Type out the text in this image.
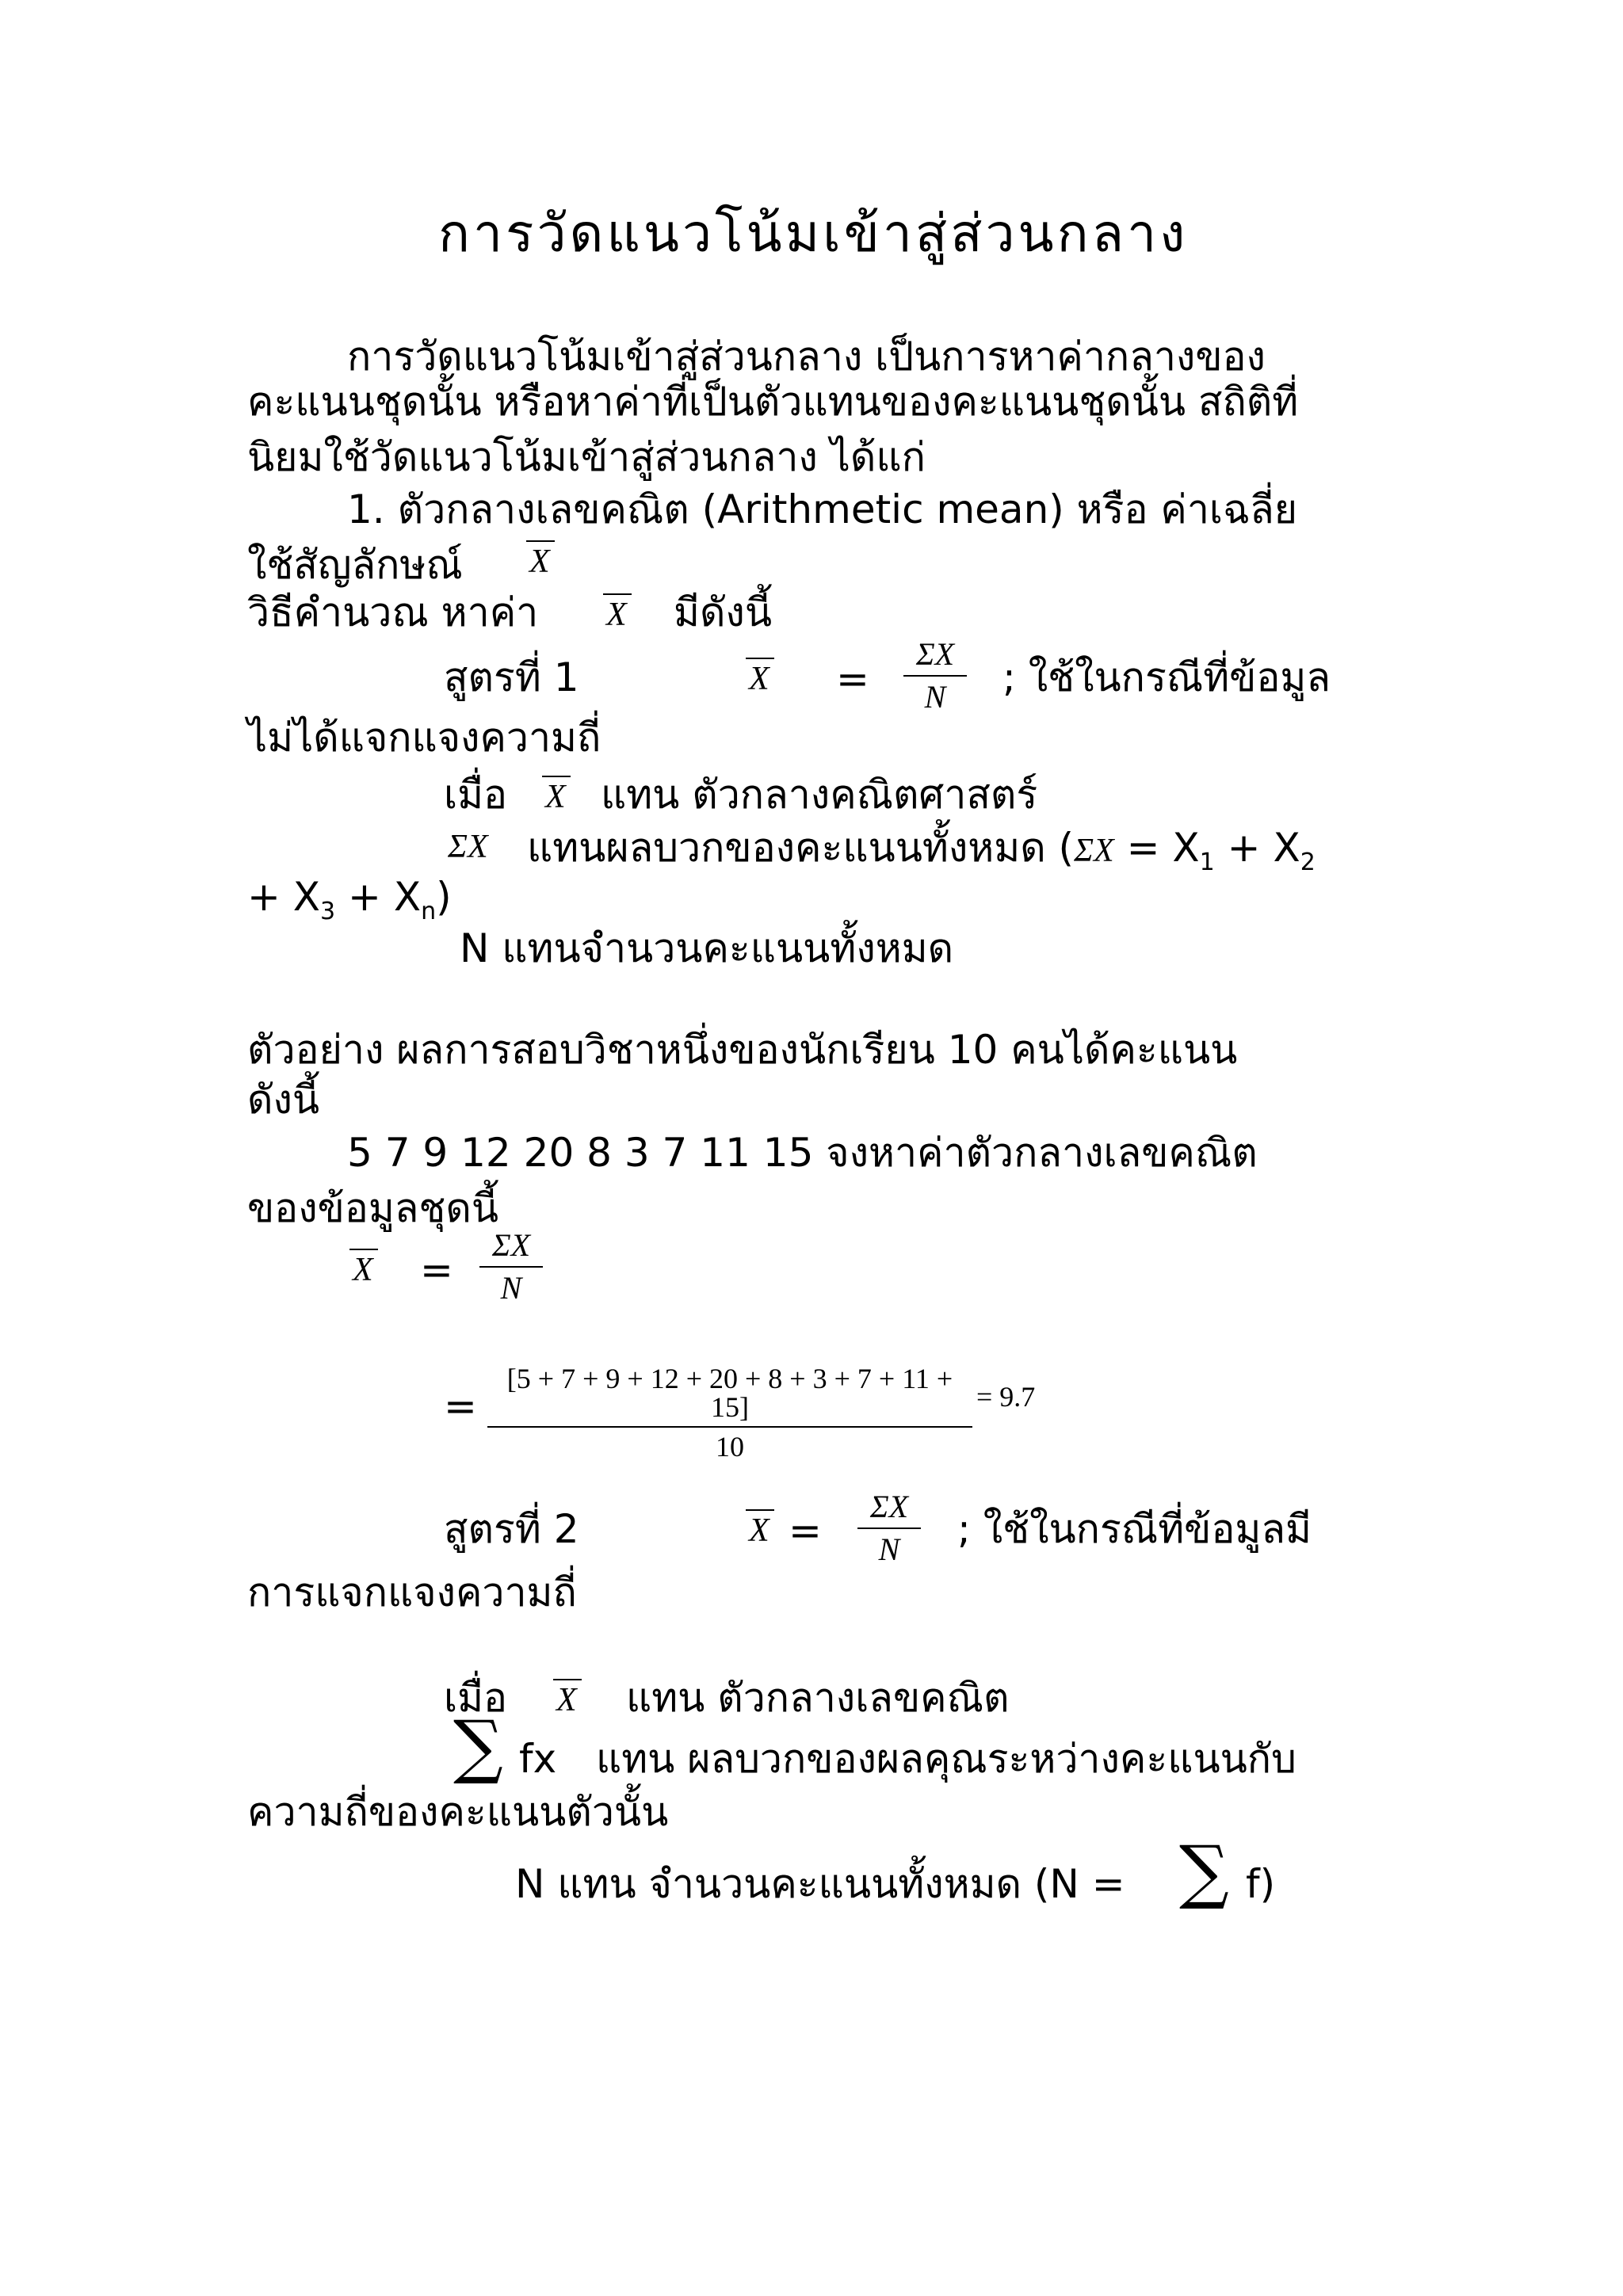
การวัดแนวโน้มเข้าสู่ส่วนกลาง
การวัดแนวโน้มเข้าสู่ส่วนกลาง เป็นการหาค่ากลางของ
คะแนนชุดนั้น หรือหาค่าที่เป็นตัวแทนของคะแนนชุดนั้น สถิติที่
นิยมใช้วัดแนวโน้มเข้าสู่ส่วนกลาง ได้แก่
1. ตัวกลางเลขคณิต (Arithmetic mean) หรือ ค่าเฉลี่ย
ใช้สัญลักษณ์ X
วิธีคำนวณ หาค่า X มีดังนี้
สูตรที่ 1	X =
ΣX
N	; ใช้ในกรณีที่ข้อมูล
ไม่ได้แจกแจงความถี่
เมื่อ X แทน ตัวกลางคณิตศาสตร์
ΣX แทนผลบวกของคะแนนทั้งหมด ($\Sigma X = X_1 + X_2$
+ $X_3 + X_n$)
N แทนจำนวนคะแนนทั้งหมด
ตัวอย่าง ผลการสอบวิชาหนึ่งของนักเรียน 10 คนได้คะแนน
ดังนี้
5 7 9 12 20 8 3 7 11 15 จงหาค่าตัวกลางเลขคณิต
ของข้อมูลชุดนี้
X =
ΣX
N
=
[5 + 7 + 9 + 12 + 20 + 8 + 3 + 7 + 11 + 15]
10
= 9.7
สูตรที่ 2	X =
ΣX
N	; ใช้ในกรณีที่ข้อมูลมี
การแจกแจงความถี่
เมื่อ X แทน ตัวกลางเลขคณิต
∑ fx แทน ผลบวกของผลคุณระหว่างคะแนนกับ
ความถี่ของคะแนนตัวนั้น
N แทน จำนวนคะแนนทั้งหมด (N = ∑ f)
